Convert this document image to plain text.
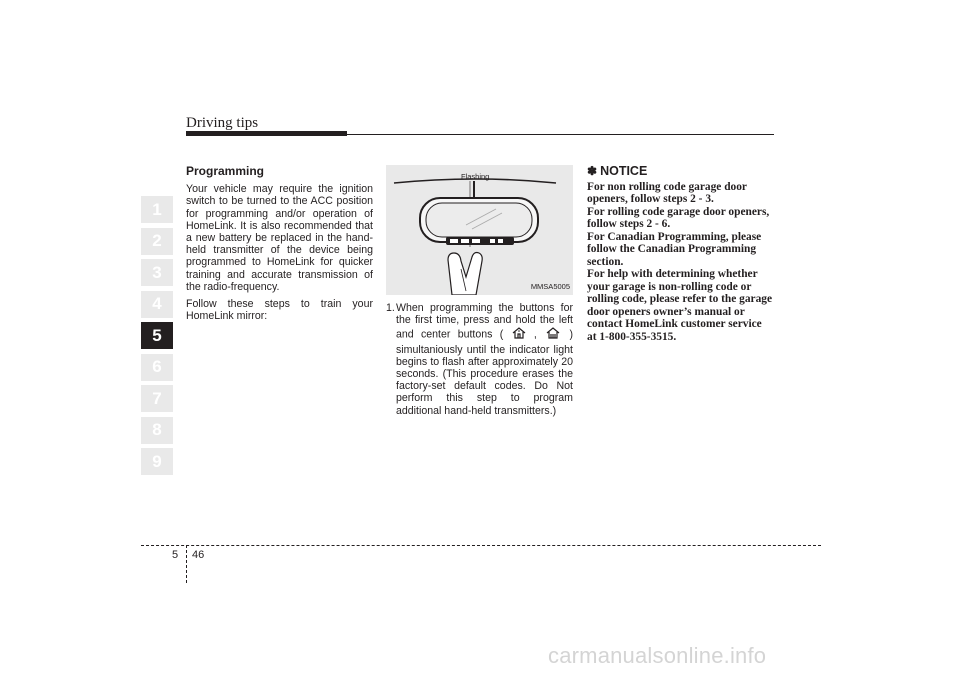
Driving tips
1
2
3
4
5
6
7
8
9
Programming

Your vehicle may require the ignition switch to be turned to the ACC position for programming and/or operation of HomeLink. It is also recommended that a new battery be replaced in the hand-held transmitter of the device being programmed to HomeLink for quicker training and accurate transmission of the radio-frequency.

Follow these steps to train your HomeLink mirror:

Flashing
MMSA5005
1. When programming the buttons for the first time, press and hold the left and center buttons (	,	) simultaniously until the indicator light begins to flash after approximately 20 seconds. (This procedure erases the factory-set default codes. Do Not perform this step to program additional hand-held transmitters.)
✽ NOTICE
For non rolling code garage door openers, follow steps 2 - 3.
For rolling code garage door openers, follow steps 2 - 6.
For Canadian Programming, please follow the Canadian Programming section.
For help with determining whether your garage is non-rolling code or rolling code, please refer to the garage door openers owner’s manual or contact HomeLink customer service at 1-800-355-3515.
5 46
carmanualsonline.info
